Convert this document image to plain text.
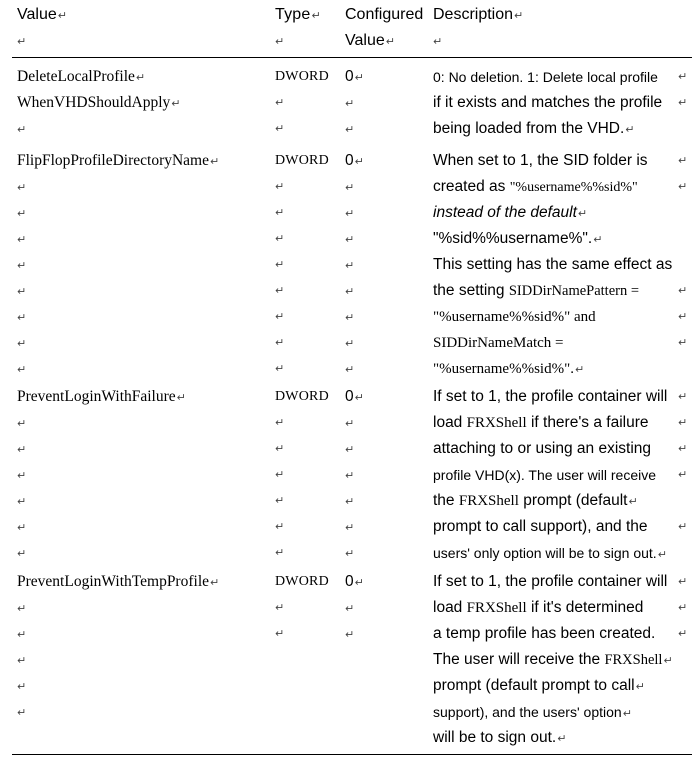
Value↵
↵
Type↵
↵
Configured
Value↵
Description↵
↵
DeleteLocalProfile↵
WhenVHDShouldApply↵
↵
DWORD
↵
↵
0↵
↵
↵
0: No deletion. 1: Delete local profile
if it exists and matches the profile
being loaded from the VHD.↵
↵
↵
FlipFlopProfileDirectoryName↵
↵
↵
↵
↵
↵
↵
↵
↵
DWORD
↵
↵
↵
↵
↵
↵
↵
↵
0↵
↵
↵
↵
↵
↵
↵
↵
↵
When set to 1, the SID folder is
created as "%username%%sid%"
instead of the default↵
"%sid%%username%".↵
This setting has the same effect as
the setting SIDDirNamePattern =
"%username%%sid%" and
SIDDirNameMatch =
"%username%%sid%".↵
↵
↵
↵
↵
↵
PreventLoginWithFailure↵
↵
↵
↵
↵
↵
↵
DWORD
↵
↵
↵
↵
↵
↵
0↵
↵
↵
↵
↵
↵
↵
If set to 1, the profile container will
load FRXShell if there's a failure
attaching to or using an existing
profile VHD(x). The user will receive
the FRXShell prompt (default↵
prompt to call support), and the
users' only option will be to sign out.↵
↵
↵
↵
↵
↵
PreventLoginWithTempProfile↵
↵
↵
↵
↵
↵
DWORD
↵
↵
0↵
↵
↵
If set to 1, the profile container will
load FRXShell if it's determined
a temp profile has been created.
The user will receive the FRXShell↵
prompt (default prompt to call↵
support), and the users' option↵
will be to sign out.↵
↵
↵
↵
